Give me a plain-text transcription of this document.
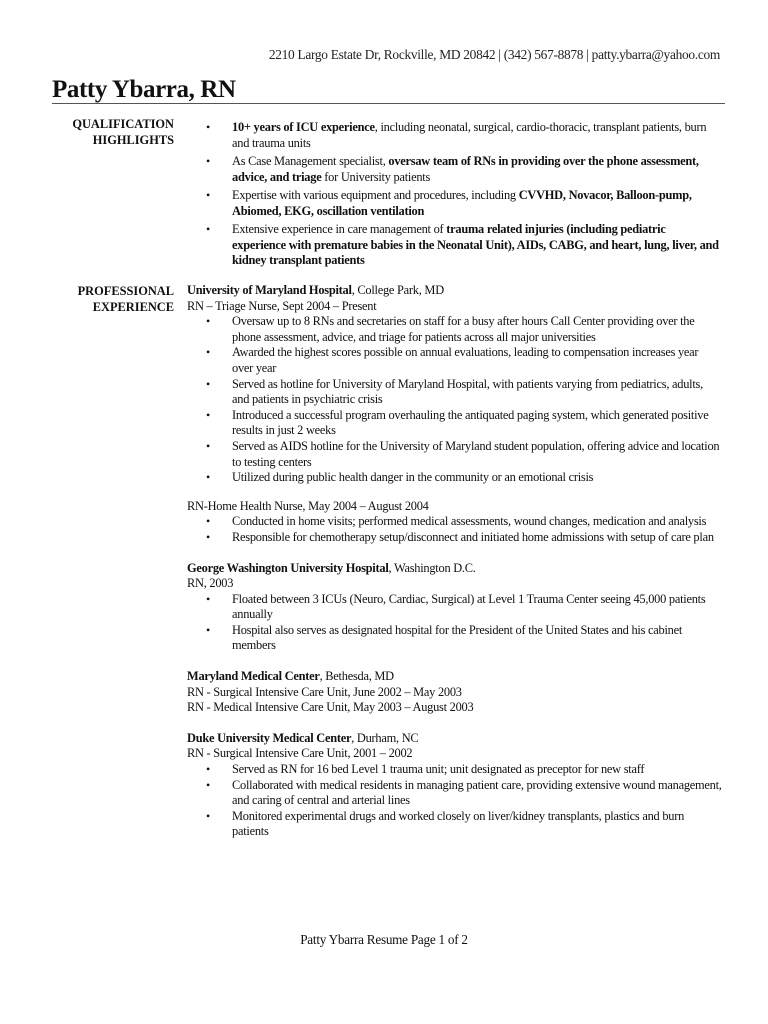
2210 Largo Estate Dr, Rockville, MD 20842 | (342) 567-8878 | patty.ybarra@yahoo.com
Patty Ybarra, RN
QUALIFICATION
HIGHLIGHTS
• 10+ years of ICU experience, including neonatal, surgical, cardio-thoracic, transplant patients, burn and trauma units
• As Case Management specialist, oversaw team of RNs in providing over the phone assessment, advice, and triage for University patients
• Expertise with various equipment and procedures, including CVVHD, Novacor, Balloon-pump, Abiomed, EKG, oscillation ventilation
• Extensive experience in care management of trauma related injuries (including pediatric experience with premature babies in the Neonatal Unit), AIDs, CABG, and heart, lung, liver, and kidney transplant patients
PROFESSIONAL
EXPERIENCE
University of Maryland Hospital, College Park, MD
RN – Triage Nurse, Sept 2004 – Present
• Oversaw up to 8 RNs and secretaries on staff for a busy after hours Call Center providing over the phone assessment, advice, and triage for patients across all major universities
• Awarded the highest scores possible on annual evaluations, leading to compensation increases year over year
• Served as hotline for University of Maryland Hospital, with patients varying from pediatrics, adults, and patients in psychiatric crisis
• Introduced a successful program overhauling the antiquated paging system, which generated positive results in just 2 weeks
• Served as AIDS hotline for the University of Maryland student population, offering advice and location to testing centers
• Utilized during public health danger in the community or an emotional crisis
RN-Home Health Nurse, May 2004 – August 2004
• Conducted in home visits; performed medical assessments, wound changes, medication and analysis
• Responsible for chemotherapy setup/disconnect and initiated home admissions with setup of care plan
George Washington University Hospital, Washington D.C.
RN, 2003
• Floated between 3 ICUs (Neuro, Cardiac, Surgical) at Level 1 Trauma Center seeing 45,000 patients annually
• Hospital also serves as designated hospital for the President of the United States and his cabinet members
Maryland Medical Center, Bethesda, MD
RN - Surgical Intensive Care Unit, June 2002 – May 2003
RN - Medical Intensive Care Unit, May 2003 – August 2003
Duke University Medical Center, Durham, NC
RN - Surgical Intensive Care Unit, 2001 – 2002
• Served as RN for 16 bed Level 1 trauma unit; unit designated as preceptor for new staff
• Collaborated with medical residents in managing patient care, providing extensive wound management, and caring of central and arterial lines
• Monitored experimental drugs and worked closely on liver/kidney transplants, plastics and burn patients
Patty Ybarra Resume Page 1 of 2
